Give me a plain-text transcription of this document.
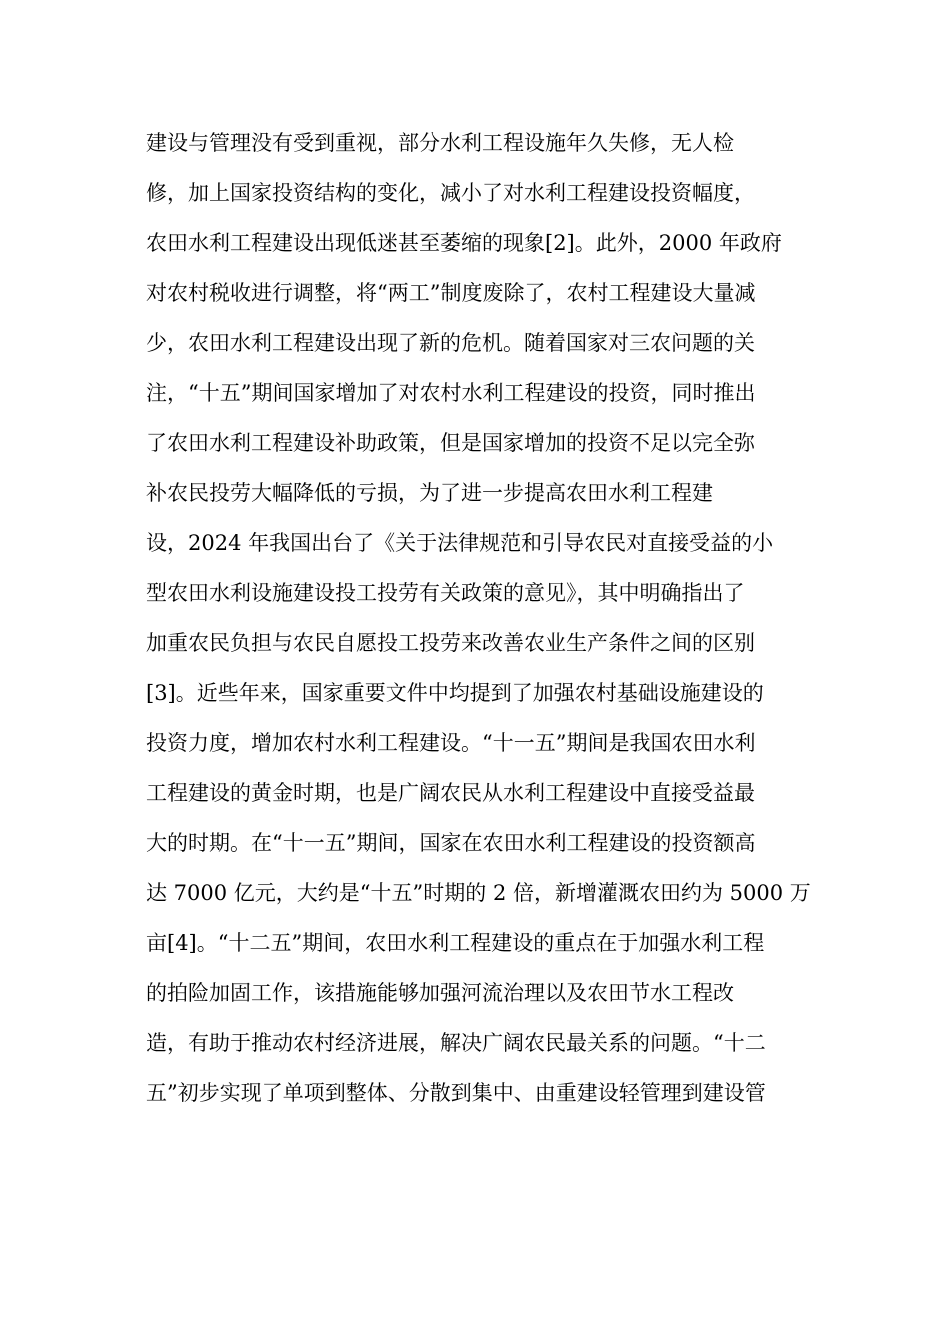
建设与管理没有受到重视，部分水利工程设施年久失修，无人检
修，加上国家投资结构的变化，减小了对水利工程建设投资幅度，
农田水利工程建设出现低迷甚至萎缩的现象[2]。此外，2000 年政府
对农村税收进行调整，将“两工”制度废除了，农村工程建设大量减
少，农田水利工程建设出现了新的危机。随着国家对三农问题的关
注，“十五”期间国家增加了对农村水利工程建设的投资，同时推出
了农田水利工程建设补助政策，但是国家增加的投资不足以完全弥
补农民投劳大幅降低的亏损，为了进一步提高农田水利工程建
设，2024 年我国出台了《关于法律规范和引导农民对直接受益的小
型农田水利设施建设投工投劳有关政策的意见》，其中明确指出了
加重农民负担与农民自愿投工投劳来改善农业生产条件之间的区别
[3]。近些年来，国家重要文件中均提到了加强农村基础设施建设的
投资力度，增加农村水利工程建设。“十一五”期间是我国农田水利
工程建设的黄金时期，也是广阔农民从水利工程建设中直接受益最
大的时期。在“十一五”期间，国家在农田水利工程建设的投资额高
达 7000 亿元，大约是“十五”时期的 2 倍，新增灌溉农田约为 5000 万
亩[4]。“十二五”期间，农田水利工程建设的重点在于加强水利工程
的拍险加固工作，该措施能够加强河流治理以及农田节水工程改
造，有助于推动农村经济进展，解决广阔农民最关系的问题。“十二
五”初步实现了单项到整体、分散到集中、由重建设轻管理到建设管
